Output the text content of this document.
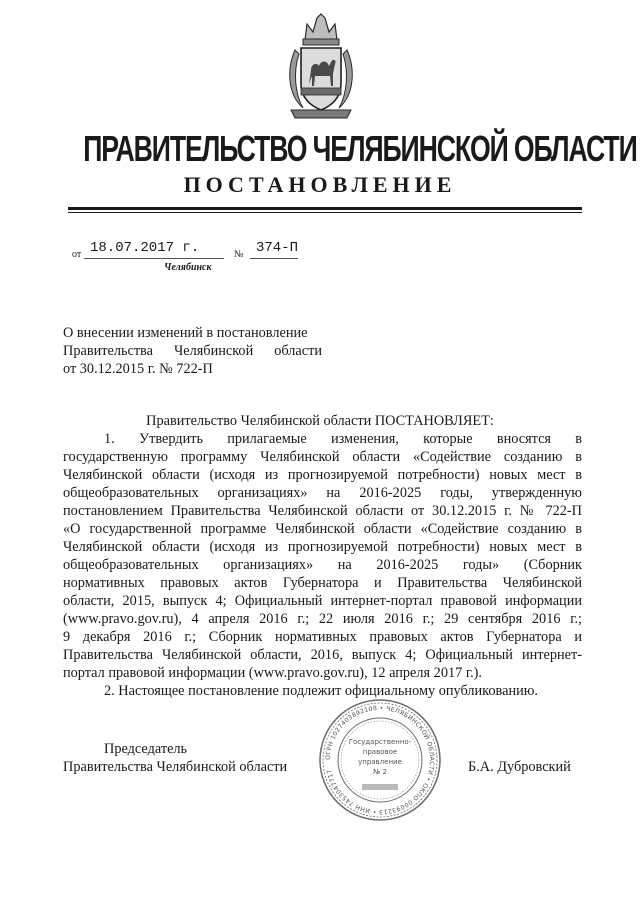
ПРАВИТЕЛЬСТВО ЧЕЛЯБИНСКОЙ ОБЛАСТИ
ПОСТАНОВЛЕНИЕ
от 18.07.2017 г.	№ 374-П
Челябинск
О внесении изменений в постановление
Правительства Челябинской области
от 30.12.2015 г. № 722-П
Правительство Челябинской области ПОСТАНОВЛЯЕТ:
1. Утвердить прилагаемые изменения, которые вносятся в
государственную программу Челябинской области «Содействие созданию в
Челябинской области (исходя из прогнозируемой потребности) новых мест в
общеобразовательных организациях» на 2016-2025 годы, утвержденную
постановлением Правительства Челябинской области от 30.12.2015 г. № 722-П
«О государственной программе Челябинской области «Содействие созданию в
Челябинской области (исходя из прогнозируемой потребности) новых мест в
общеобразовательных организациях» на 2016-2025 годы» (Сборник
нормативных правовых актов Губернатора и Правительства Челябинской
области, 2015, выпуск 4; Официальный интернет-портал правовой информации
(www.pravo.gov.ru), 4 апреля 2016 г.; 22 июля 2016 г.; 29 сентября 2016 г.;
9 декабря 2016 г.; Сборник нормативных правовых актов Губернатора и
Правительства Челябинской области, 2016, выпуск 4; Официальный интернет-
портал правовой информации (www.pravo.gov.ru), 12 апреля 2017 г.).
2. Настоящее постановление подлежит официальному опубликованию.
ОГРН 1027403892108 • ЧЕЛЯБИНСКОЙ ОБЛАСТИ • ОКПО 00093213 • ИНН 7453047717
Государственно-
правовое
управление
№ 2
Председатель
Правительства Челябинской области	Б.А. Дубровский
